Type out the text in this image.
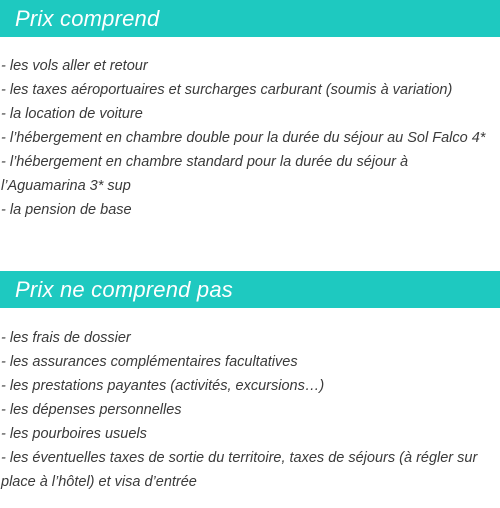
Prix comprend
- les vols aller et retour
- les taxes aéroportuaires et surcharges carburant (soumis à variation)
- la location de voiture
- l’hébergement en chambre double pour la durée du séjour au Sol Falco 4*
- l’hébergement en chambre standard pour la durée du séjour à l’Aguamarina 3* sup
- la pension de base
Prix ne comprend pas
- les frais de dossier
- les assurances complémentaires facultatives
- les prestations payantes (activités, excursions…)
- les dépenses personnelles
- les pourboires usuels
- les éventuelles taxes de sortie du territoire, taxes de séjours (à régler sur place à l’hôtel) et visa d’entrée
